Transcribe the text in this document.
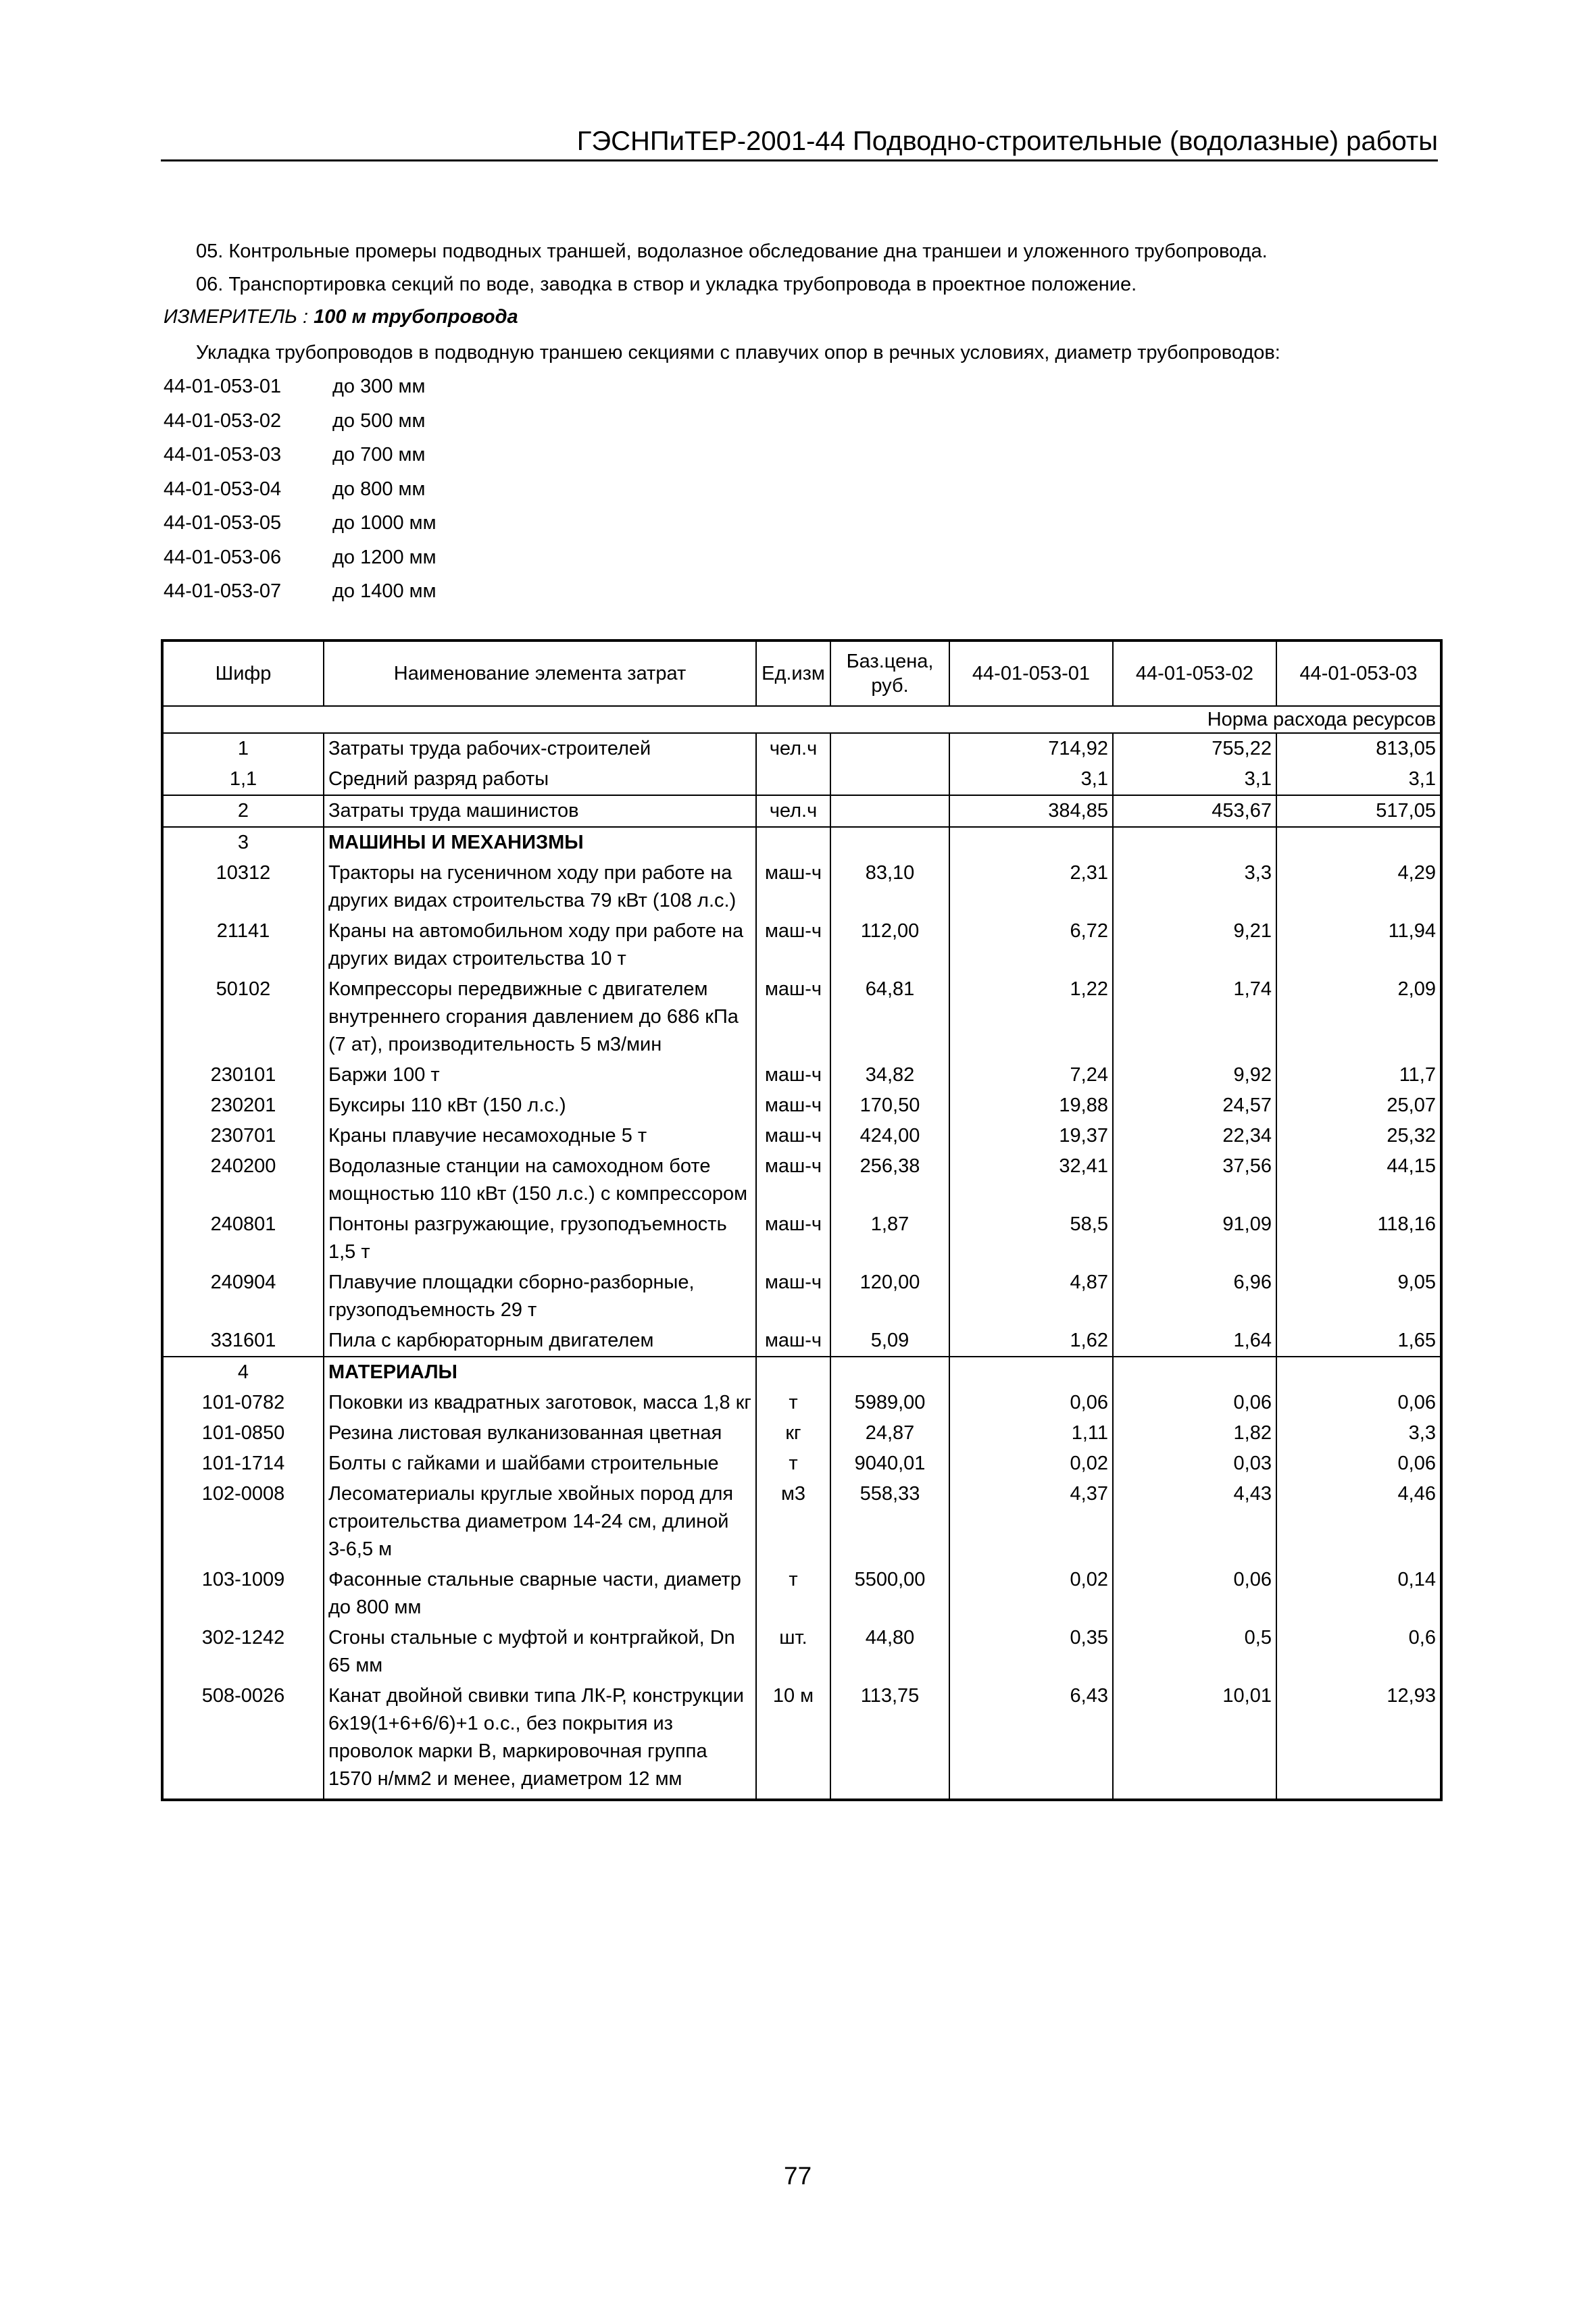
ГЭСНПиТЕР-2001-44 Подводно-строительные (водолазные) работы
05. Контрольные промеры подводных траншей, водолазное обследование дна траншеи и уложенного трубопровода.
06. Транспортировка секций по воде, заводка в створ и укладка трубопровода в проектное положение.
ИЗМЕРИТЕЛЬ : 100 м трубопровода
Укладка трубопроводов в подводную траншею секциями с плавучих опор в речных условиях, диаметр трубопроводов:
44-01-053-01	до 300 мм
44-01-053-02	до 500 мм
44-01-053-03	до 700 мм
44-01-053-04	до 800 мм
44-01-053-05	до 1000 мм
44-01-053-06	до 1200 мм
44-01-053-07	до 1400 мм
Шифр	Наименование элемента затрат	Ед.изм	Баз.цена, руб.	44-01-053-01	44-01-053-02	44-01-053-03
				Норма расхода ресурсов		
1	Затраты труда рабочих-строителей	чел.ч		714,92	755,22	813,05
1,1	Средний разряд работы			3,1	3,1	3,1
2	Затраты труда машинистов	чел.ч		384,85	453,67	517,05
3	МАШИНЫ И МЕХАНИЗМЫ					
10312	Тракторы на гусеничном ходу при работе на других видах строительства 79 кВт (108 л.с.)	маш-ч	83,10	2,31	3,3	4,29
21141	Краны на автомобильном ходу при работе на других видах строительства 10 т	маш-ч	112,00	6,72	9,21	11,94
50102	Компрессоры передвижные с двигателем внутреннего сгорания давлением до 686 кПа (7 ат), производительность 5 м3/мин	маш-ч	64,81	1,22	1,74	2,09
230101	Баржи 100 т	маш-ч	34,82	7,24	9,92	11,7
230201	Буксиры 110 кВт (150 л.с.)	маш-ч	170,50	19,88	24,57	25,07
230701	Краны плавучие несамоходные 5 т	маш-ч	424,00	19,37	22,34	25,32
240200	Водолазные станции на самоходном боте мощностью 110 кВт (150 л.с.) с компрессором	маш-ч	256,38	32,41	37,56	44,15
240801	Понтоны разгружающие, грузоподъемность 1,5 т	маш-ч	1,87	58,5	91,09	118,16
240904	Плавучие площадки сборно-разборные, грузоподъемность 29 т	маш-ч	120,00	4,87	6,96	9,05
331601	Пила с карбюраторным двигателем	маш-ч	5,09	1,62	1,64	1,65
4	МАТЕРИАЛЫ					
101-0782	Поковки из квадратных заготовок, масса 1,8 кг	т	5989,00	0,06	0,06	0,06
101-0850	Резина листовая вулканизованная цветная	кг	24,87	1,11	1,82	3,3
101-1714	Болты с гайками и шайбами строительные	т	9040,01	0,02	0,03	0,06
102-0008	Лесоматериалы круглые хвойных пород для строительства диаметром 14-24 см, длиной 3-6,5 м	м3	558,33	4,37	4,43	4,46
103-1009	Фасонные стальные сварные части, диаметр до 800 мм	т	5500,00	0,02	0,06	0,14
302-1242	Сгоны стальные с муфтой и контргайкой, Dn 65 мм	шт.	44,80	0,35	0,5	0,6
508-0026	Канат двойной свивки типа ЛК-Р, конструкции 6х19(1+6+6/6)+1 о.с., без покрытия из проволок марки В, маркировочная группа 1570 н/мм2 и менее, диаметром 12 мм	10 м	113,75	6,43	10,01	12,93
77
